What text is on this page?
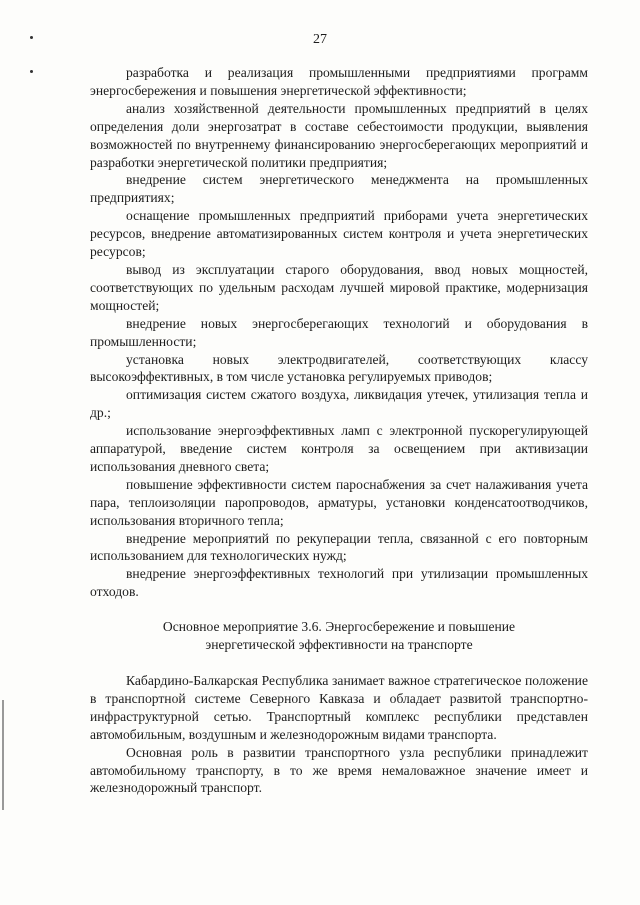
27

разработка и реализация промышленными предприятиями программ энергосбережения и повышения энергетической эффективности;

анализ хозяйственной деятельности промышленных предприятий в целях определения доли энергозатрат в составе себестоимости продукции, выявления возможностей по внутреннему финансированию энергосберегающих мероприятий и разработки энергетической политики предприятия;

внедрение систем энергетического менеджмента на промышленных предприятиях;

оснащение промышленных предприятий приборами учета энергетических ресурсов, внедрение автоматизированных систем контроля и учета энергетических ресурсов;

вывод из эксплуатации старого оборудования, ввод новых мощностей, соответствующих по удельным расходам лучшей мировой практике, модернизация мощностей;

внедрение новых энергосберегающих технологий и оборудования в промышленности;

установка новых электродвигателей, соответствующих классу высокоэффективных, в том числе установка регулируемых приводов;

оптимизация систем сжатого воздуха, ликвидация утечек, утилизация тепла и др.;

использование энергоэффективных ламп с электронной пускорегулирующей аппаратурой, введение систем контроля за освещением при активизации использования дневного света;

повышение эффективности систем пароснабжения за счет налаживания учета пара, теплоизоляции паропроводов, арматуры, установки конденсатоотводчиков, использования вторичного тепла;

внедрение мероприятий по рекуперации тепла, связанной с его повторным использованием для технологических нужд;

внедрение энергоэффективных технологий при утилизации промышленных отходов.

Основное мероприятие 3.6. Энергосбережение и повышение
энергетической эффективности на транспорте

Кабардино-Балкарская Республика занимает важное стратегическое положение в транспортной системе Северного Кавказа и обладает развитой транспортно-инфраструктурной сетью. Транспортный комплекс республики представлен автомобильным, воздушным и железнодорожным видами транспорта.

Основная роль в развитии транспортного узла республики принадлежит автомобильному транспорту, в то же время немаловажное значение имеет и железнодорожный транспорт.
